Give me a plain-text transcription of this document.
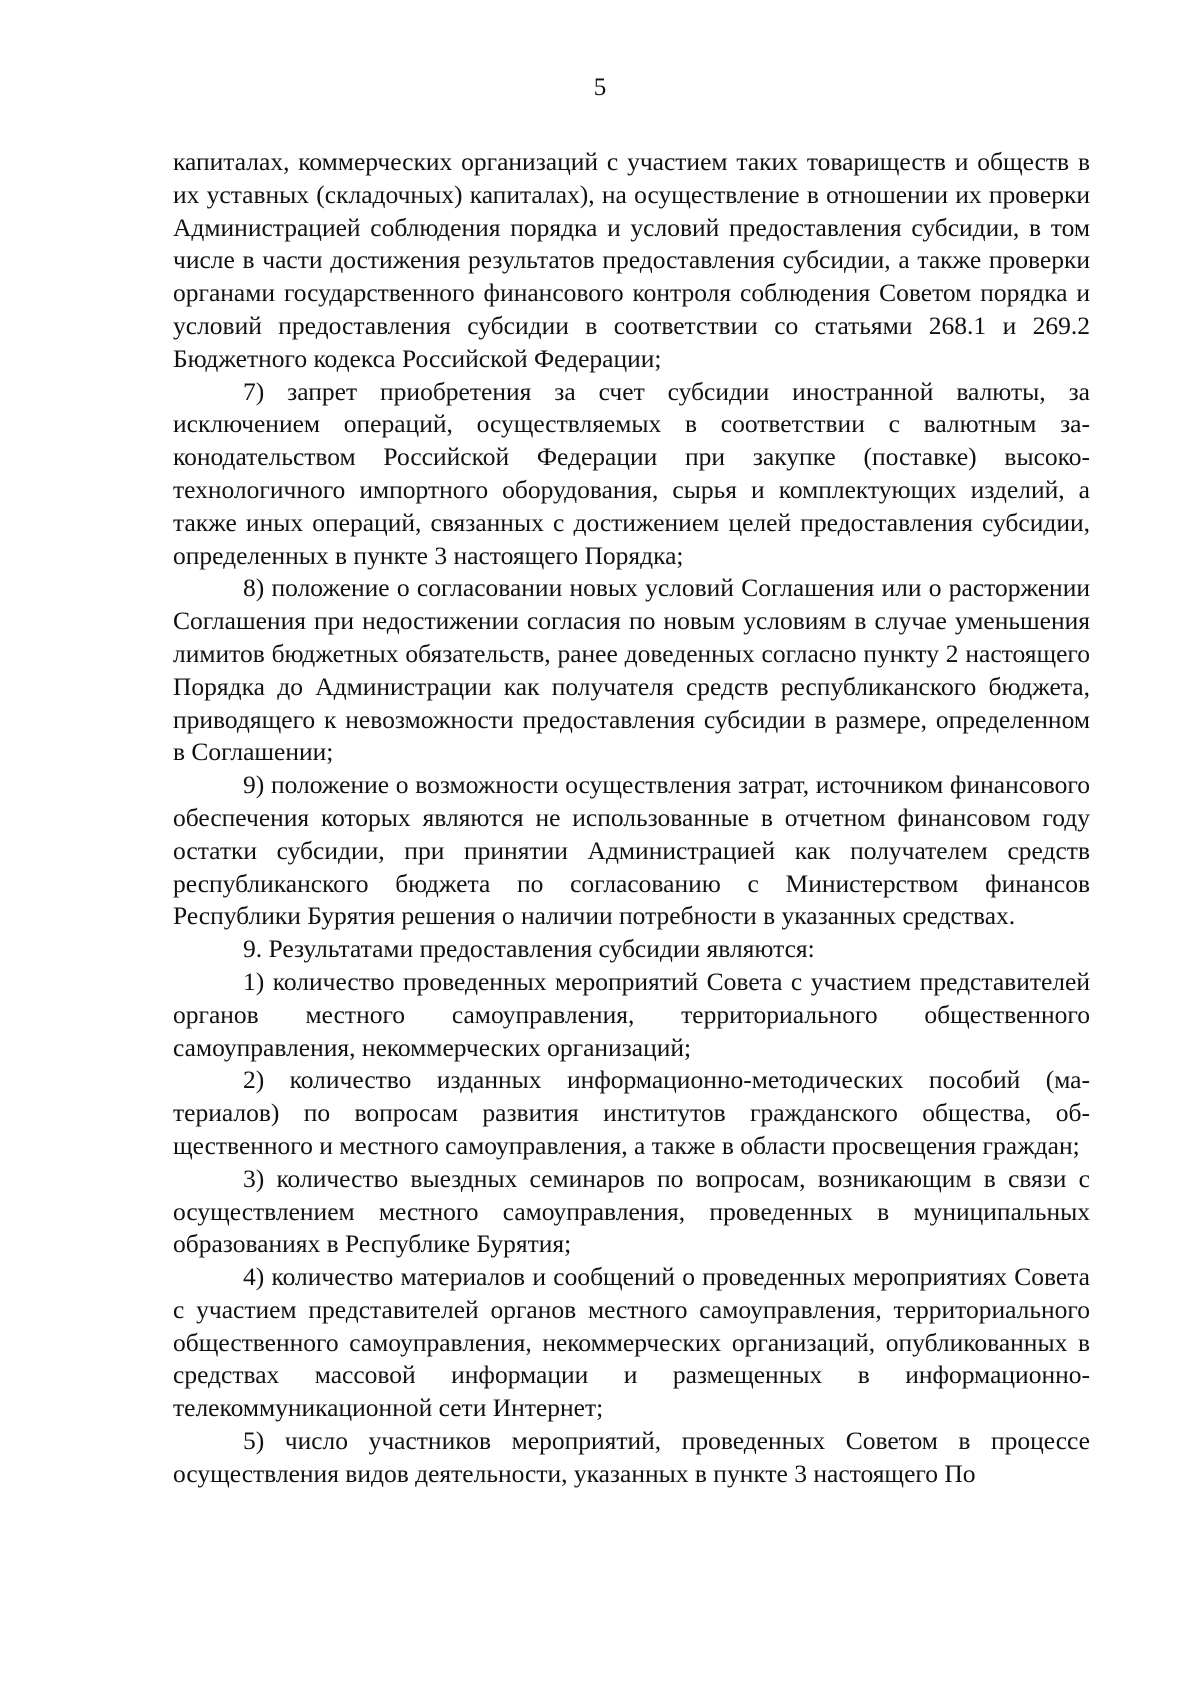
5

капиталах, коммерческих организаций с участием таких товариществ и обществ в их уставных (складочных) капиталах), на осуществление в отношении их проверки Администрацией соблюдения порядка и условий предоставления субсидии, в том числе в части достижения результатов предоставления субсидии, а также проверки органами государственного финансового контроля соблюдения Советом порядка и условий предоставления субсидии в соответствии со статьями 268.1 и 269.2 Бюджетного кодекса Российской Федерации;

7) запрет приобретения за счет субсидии иностранной валюты, за исключением операций, осуществляемых в соответствии с валютным законодательством Российской Федерации при закупке (поставке) высокотехнологичного импортного оборудования, сырья и комплектующих изделий, а также иных операций, связанных с достижением целей предоставления субсидии, определенных в пункте 3 настоящего Порядка;

8) положение о согласовании новых условий Соглашения или о расторжении Соглашения при недостижении согласия по новым условиям в случае уменьшения лимитов бюджетных обязательств, ранее доведенных согласно пункту 2 настоящего Порядка до Администрации как получателя средств республиканского бюджета, приводящего к невозможности предоставления субсидии в размере, определенном в Соглашении;

9) положение о возможности осуществления затрат, источником финансового обеспечения которых являются не использованные в отчетном финансовом году остатки субсидии, при принятии Администрацией как получателем средств республиканского бюджета по согласованию с Министерством финансов Республики Бурятия решения о наличии потребности в указанных средствах.

9. Результатами предоставления субсидии являются:

1) количество проведенных мероприятий Совета с участием представителей органов местного самоуправления, территориального общественного самоуправления, некоммерческих организаций;

2) количество изданных информационно-методических пособий (материалов) по вопросам развития институтов гражданского общества, общественного и местного самоуправления, а также в области просвещения граждан;

3) количество выездных семинаров по вопросам, возникающим в связи с осуществлением местного самоуправления, проведенных в муниципальных образованиях в Республике Бурятия;

4) количество материалов и сообщений о проведенных мероприятиях Совета с участием представителей органов местного самоуправления, территориального общественного самоуправления, некоммерческих организаций, опубликованных в средствах массовой информации и размещенных в информационно-телекоммуникационной сети Интернет;

5) число участников мероприятий, проведенных Советом в процессе осуществления видов деятельности, указанных в пункте 3 настоящего По
